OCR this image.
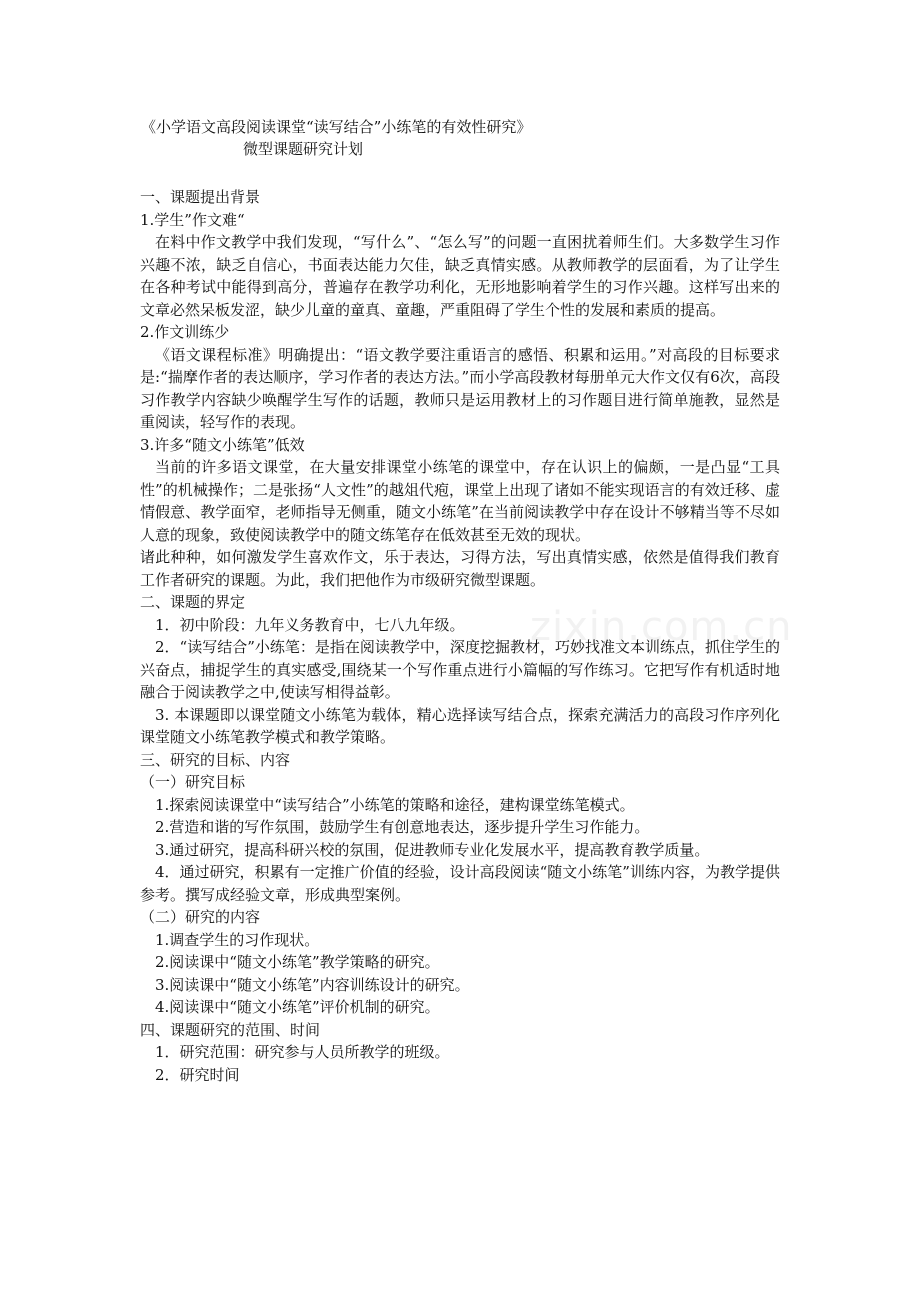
zixin.com.cn
《小学语文高段阅读课堂“读写结合”小练笔的有效性研究》
微型课题研究计划

一、课题提出背景

1.学生”作文难“

在料中作文教学中我们发现，“写什么”、“怎么写”的问题一直困扰着师生们。大多数学生习作兴趣不浓，缺乏自信心，书面表达能力欠佳，缺乏真情实感。从教师教学的层面看，为了让学生在各种考试中能得到高分，普遍存在教学功利化，无形地影响着学生的习作兴趣。这样写出来的文章必然呆板发涩，缺少儿童的童真、童趣，严重阻碍了学生个性的发展和素质的提高。

2.作文训练少

《语文课程标准》明确提出：“语文教学要注重语言的感悟、积累和运用。”对高段的目标要求是:“揣摩作者的表达顺序，学习作者的表达方法。”而小学高段教材每册单元大作文仅有6次，高段习作教学内容缺少唤醒学生写作的话题，教师只是运用教材上的习作题目进行简单施教，显然是重阅读，轻写作的表现。

3.许多“随文小练笔”低效

当前的许多语文课堂，在大量安排课堂小练笔的课堂中，存在认识上的偏颇，一是凸显“工具性”的机械操作；二是张扬“人文性”的越俎代疱，课堂上出现了诸如不能实现语言的有效迁移、虚情假意、教学面窄，老师指导无侧重，随文小练笔”在当前阅读教学中存在设计不够精当等不尽如人意的现象，致使阅读教学中的随文练笔存在低效甚至无效的现状。

诸此种种，如何激发学生喜欢作文，乐于表达，习得方法，写出真情实感，依然是值得我们教育工作者研究的课题。为此，我们把他作为市级研究微型课题。

二、课题的界定

1．初中阶段：九年义务教育中，七八九年级。

2．“读写结合”小练笔：是指在阅读教学中，深度挖掘教材，巧妙找准文本训练点，抓住学生的兴奋点，捕捉学生的真实感受,围绕某一个写作重点进行小篇幅的写作练习。它把写作有机适时地融合于阅读教学之中,使读写相得益彰。

3. 本课题即以课堂随文小练笔为载体，精心选择读写结合点，探索充满活力的高段习作序列化课堂随文小练笔教学模式和教学策略。

三、研究的目标、内容

（一）研究目标

1.探索阅读课堂中“读写结合”小练笔的策略和途径，建构课堂练笔模式。

2.营造和谐的写作氛围，鼓励学生有创意地表达，逐步提升学生习作能力。

3.通过研究，提高科研兴校的氛围，促进教师专业化发展水平，提高教育教学质量。

4．通过研究，积累有一定推广价值的经验，设计高段阅读“随文小练笔”训练内容，为教学提供参考。撰写成经验文章，形成典型案例。

（二）研究的内容

1.调查学生的习作现状。

2.阅读课中“随文小练笔”教学策略的研究。

3.阅读课中“随文小练笔”内容训练设计的研究。

4.阅读课中“随文小练笔”评价机制的研究。

四、课题研究的范围、时间

1．研究范围：研究参与人员所教学的班级。

2．研究时间
